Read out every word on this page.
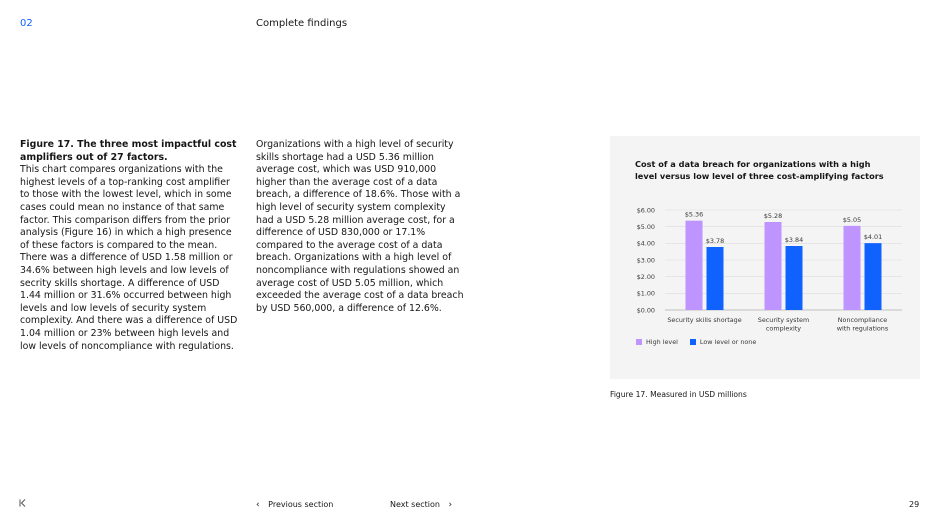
02	Complete findings
Figure 17. The three most impactful cost amplifiers out of 27 factors.
This chart compares organizations with the highest levels of a top-ranking cost amplifier to those with the lowest level, which in some cases could mean no instance of that same factor. This comparison differs from the prior analysis (Figure 16) in which a high presence of these factors is compared to the mean. There was a difference of USD 1.58 million or 34.6% between high levels and low levels of secrity skills shortage. A difference of USD 1.44 million or 31.6% occurred between high levels and low levels of security system complexity. And there was a difference of USD 1.04 million or 23% between high levels and low levels of noncompliance with regulations.
Organizations with a high level of security skills shortage had a USD 5.36 million average cost, which was USD 910,000 higher than the average cost of a data breach, a difference of 18.6%. Those with a high level of security system complexity had a USD 5.28 million average cost, for a difference of USD 830,000 or 17.1% compared to the average cost of a data breach. Organizations with a high level of noncompliance with regulations showed an average cost of USD 5.05 million, which exceeded the average cost of a data breach by USD 560,000, a difference of 12.6%.
Cost of a data breach for organizations with a high level versus low level of three cost-amplifying factors
$0.00
$1.00
$2.00
$3.00
$4.00
$5.00
$6.00
$5.36
$3.78
Security skills shortage
$5.28
$3.84
Security system
complexity
$5.05
$4.01
Noncompliance
with regulations
High level	Low level or none
Figure 17. Measured in USD millions
‹ Previous section	Next section ›	29
